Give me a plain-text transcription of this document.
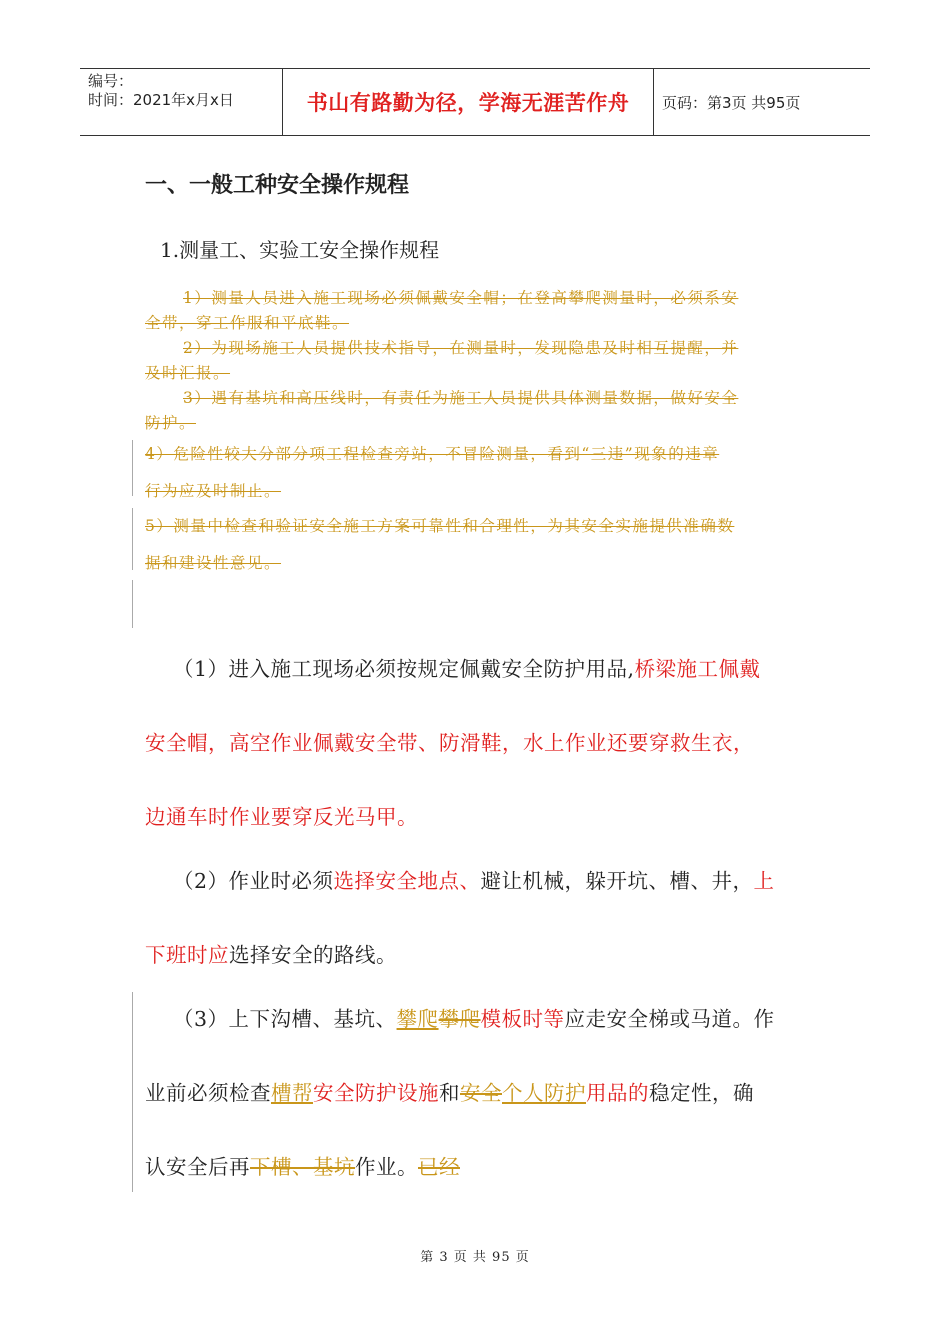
编号：
时间：2021年x月x日	书山有路勤为径，学海无涯苦作舟	页码：第3页 共95页
一、一般工种安全操作规程
1.测量工、实验工安全操作规程
1）测量人员进入施工现场必须佩戴安全帽；在登高攀爬测量时，必须系安
全带，穿工作服和平底鞋。
2）为现场施工人员提供技术指导，在测量时，发现隐患及时相互提醒，并
及时汇报。
3）遇有基坑和高压线时，有责任为施工人员提供具体测量数据，做好安全
防护。
4）危险性较大分部分项工程检查旁站，不冒险测量，看到“三违”现象的违章
行为应及时制止。
5）测量中检查和验证安全施工方案可靠性和合理性，为其安全实施提供准确数
据和建设性意见。
（1）进入施工现场必须按规定佩戴安全防护用品,桥梁施工佩戴
安全帽，高空作业佩戴安全带、防滑鞋，水上作业还要穿救生衣，
边通车时作业要穿反光马甲。
（2）作业时必须选择安全地点、避让机械，躲开坑、槽、井，上
下班时应选择安全的路线。
（3）上下沟槽、基坑、攀爬攀爬模板时等应走安全梯或马道。作
业前必须检查槽帮安全防护设施和安全个人防护用品的稳定性，确
认安全后再下槽、基坑作业。已经
第 3 页 共 95 页
